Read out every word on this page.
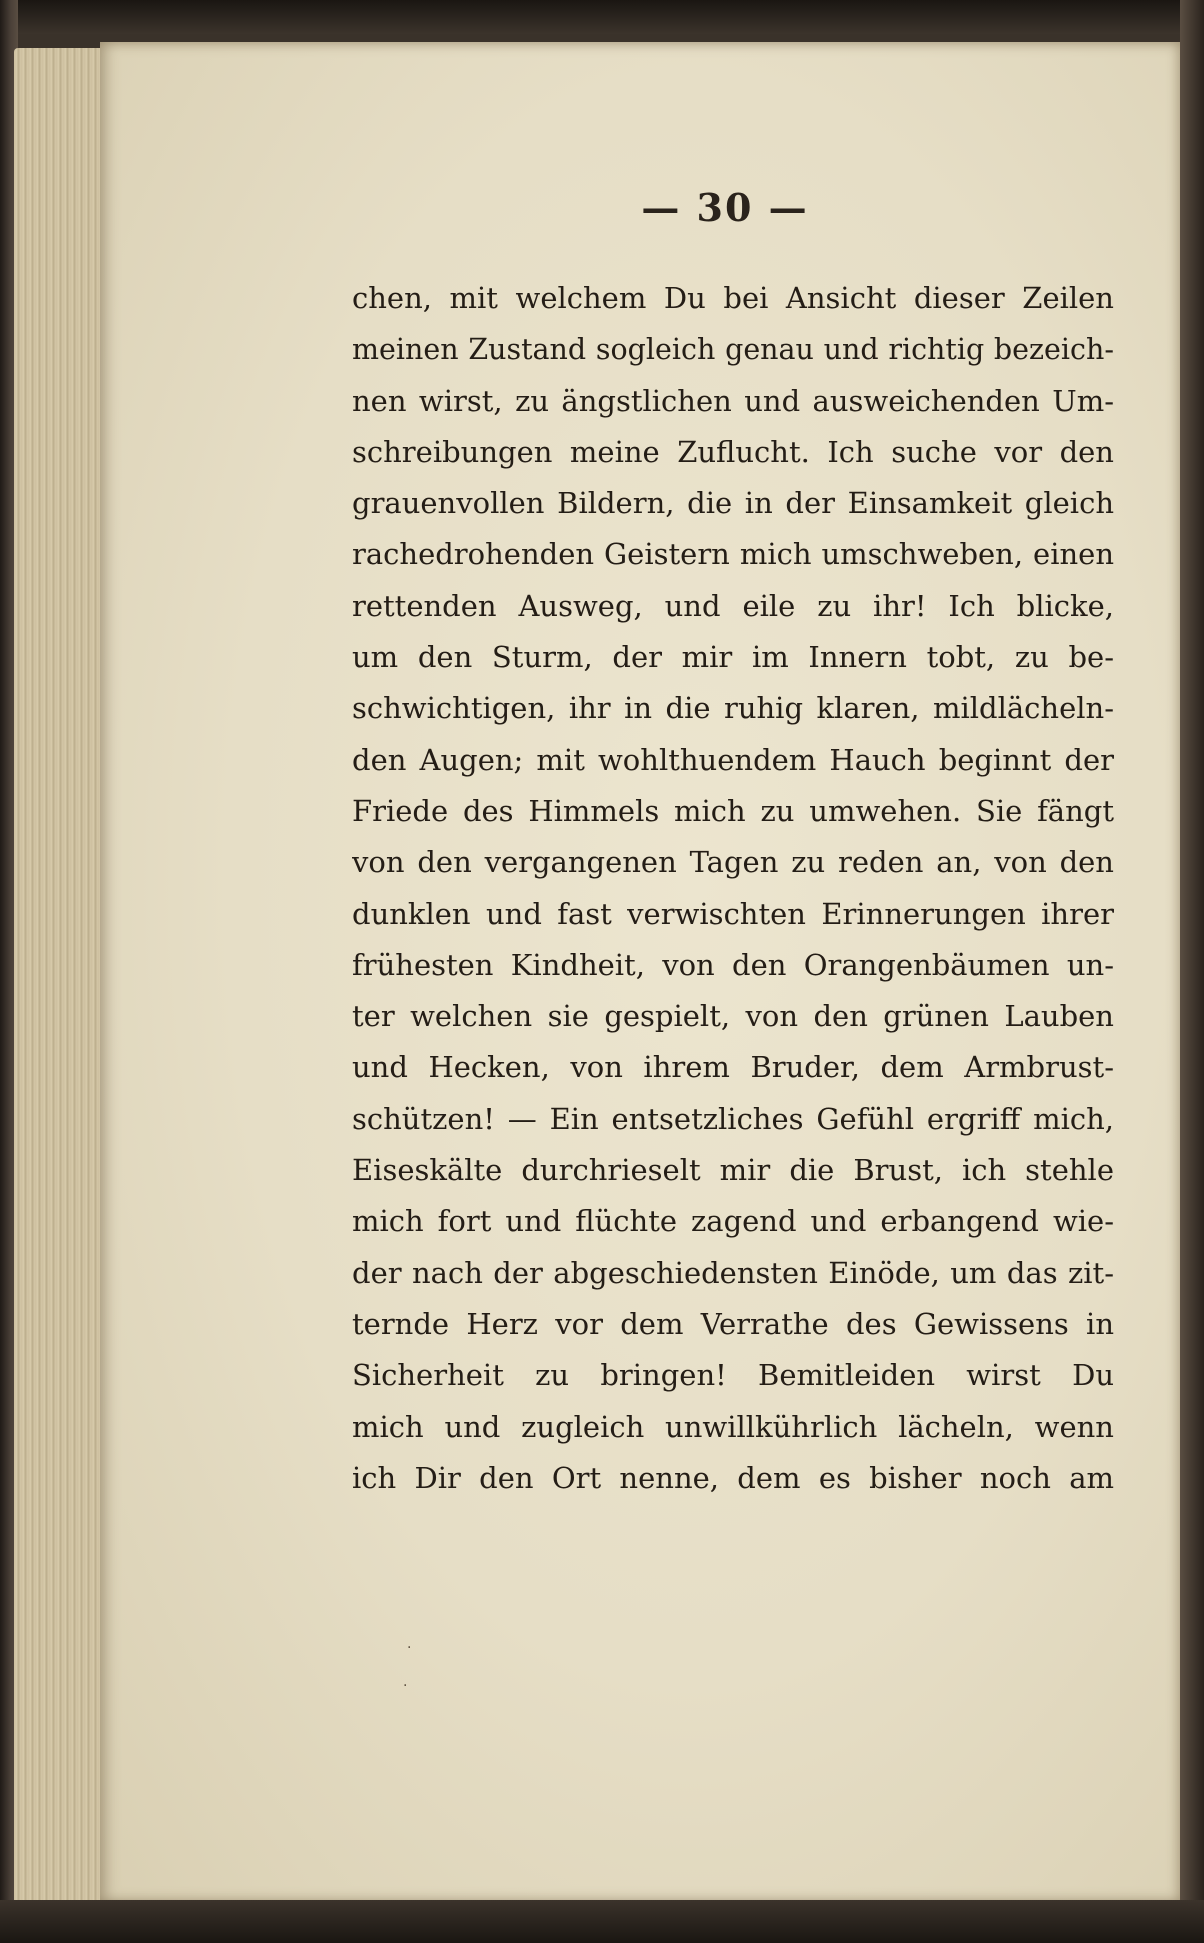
— 30 —
chen, mit welchem Du bei Ansicht dieser Zeilen
meinen Zustand sogleich genau und richtig bezeich-
nen wirst, zu ängstlichen und ausweichenden Um-
schreibungen meine Zuflucht. Ich suche vor den
grauenvollen Bildern, die in der Einsamkeit gleich
rachedrohenden Geistern mich umschweben, einen
rettenden Ausweg, und eile zu ihr! Ich blicke,
um den Sturm, der mir im Innern tobt, zu be-
schwichtigen, ihr in die ruhig klaren, mildlächeln-
den Augen; mit wohlthuendem Hauch beginnt der
Friede des Himmels mich zu umwehen. Sie fängt
von den vergangenen Tagen zu reden an, von den
dunklen und fast verwischten Erinnerungen ihrer
frühesten Kindheit, von den Orangenbäumen un-
ter welchen sie gespielt, von den grünen Lauben
und Hecken, von ihrem Bruder, dem Armbrust-
schützen! — Ein entsetzliches Gefühl ergriff mich,
Eiseskälte durchrieselt mir die Brust, ich stehle
mich fort und flüchte zagend und erbangend wie-
der nach der abgeschiedensten Einöde, um das zit-
ternde Herz vor dem Verrathe des Gewissens in
Sicherheit zu bringen! Bemitleiden wirst Du
mich und zugleich unwillkührlich lächeln, wenn
ich Dir den Ort nenne, dem es bisher noch am
·
·
